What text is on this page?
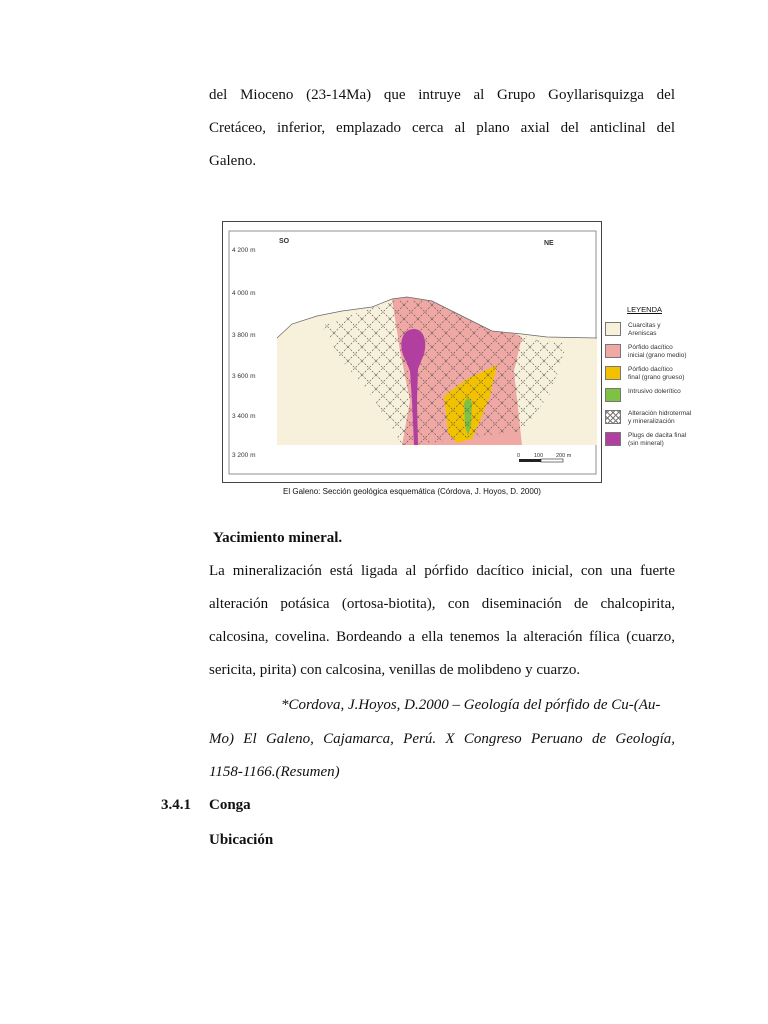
del Mioceno (23-14Ma) que intruye al Grupo Goyllarisquizga del
Cretáceo, inferior, emplazado cerca al plano axial del anticlinal del
Galeno.
4 200 m
4 000 m
3 800 m
3 600 m
3 400 m
3 200 m
SO	NE
0	100 200 m
LEYENDA
Cuarcitas y
Areniscas
Pórfido dacítico
inicial (grano medio)
Pórfido dacítico
final (grano grueso)
Intrusivo dolerítico
Alteración hidrotermal
y mineralización
Plugs de dacita final
(sin mineral)
El Galeno: Sección geológica esquemática (Córdova, J. Hoyos, D. 2000)
Yacimiento mineral.
La mineralización está ligada al pórfido dacítico inicial, con una fuerte
alteración potásica (ortosa-biotita), con diseminación de chalcopirita,
calcosina, covelina. Bordeando a ella tenemos la alteración fílica (cuarzo,
sericita, pirita) con calcosina, venillas de molibdeno y cuarzo.
*Cordova, J.Hoyos, D.2000 – Geología del pórfido de Cu-(Au-
Mo) El Galeno, Cajamarca, Perú. X Congreso Peruano de Geología,
1158-1166.(Resumen)
3.4.1 Conga
Ubicación
